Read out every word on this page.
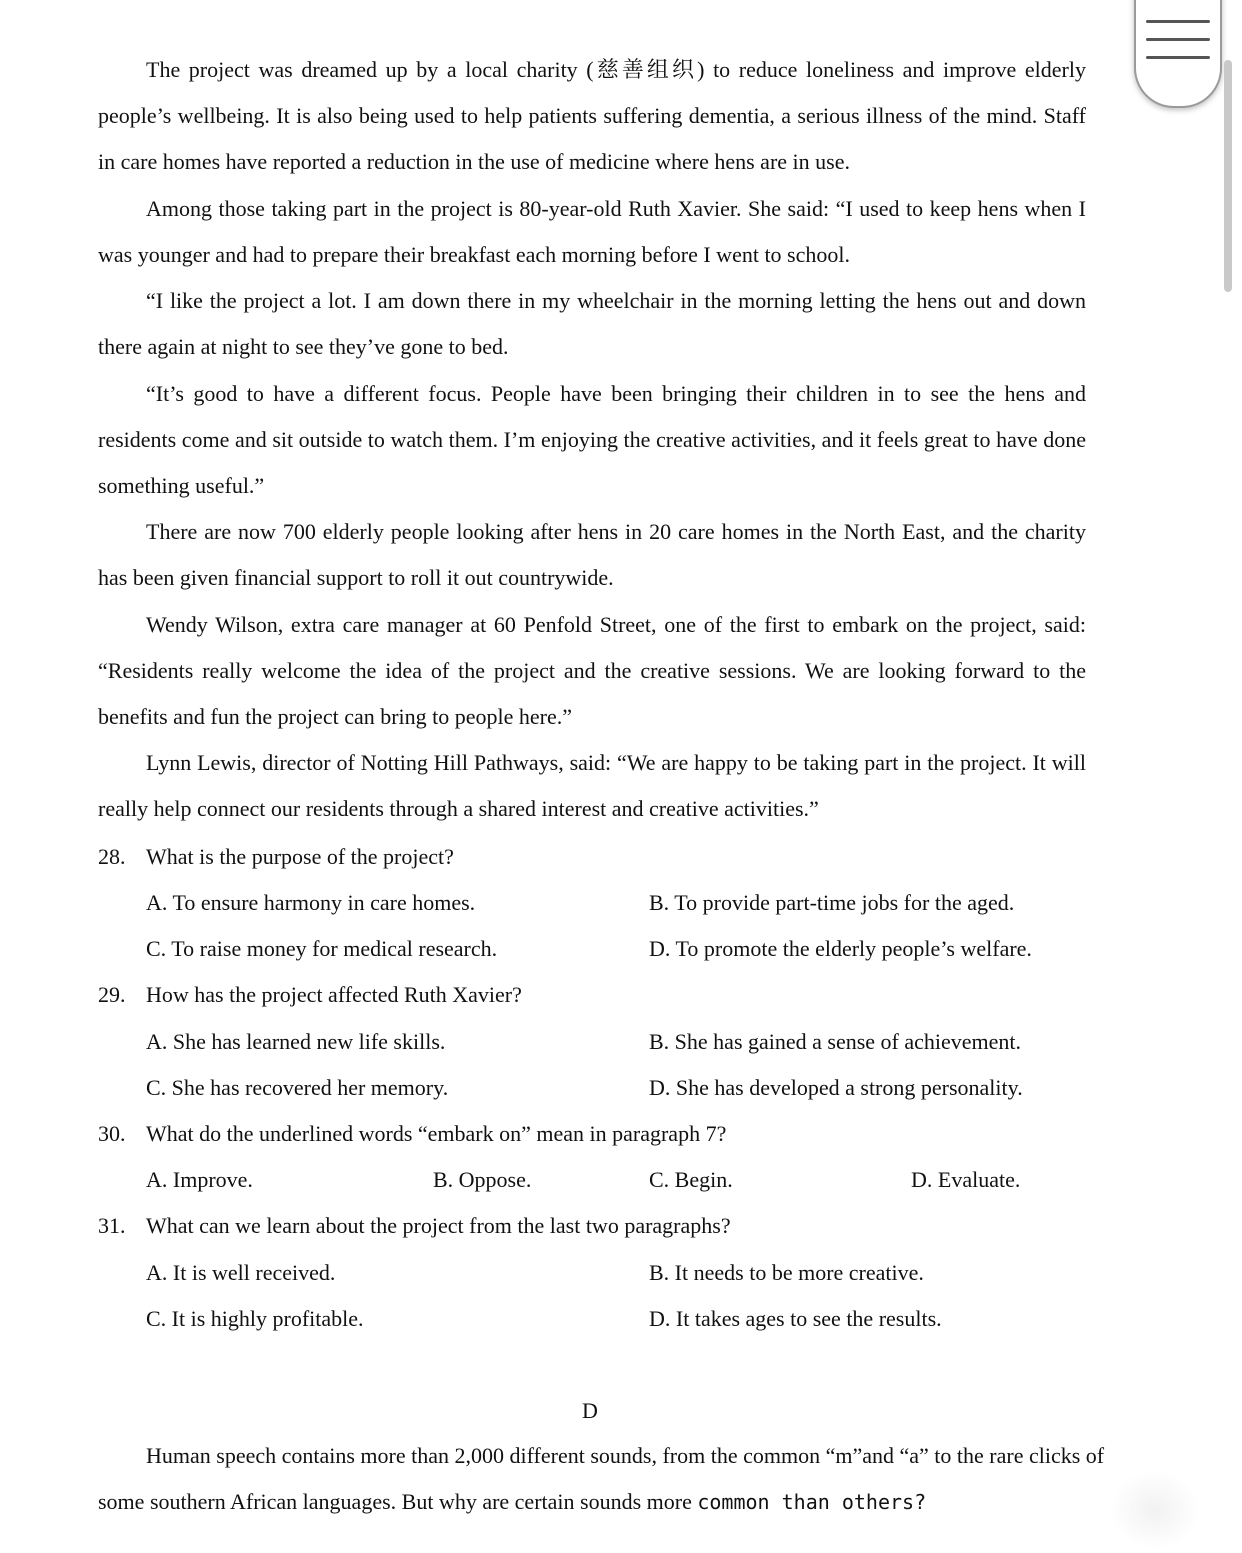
The project was dreamed up by a local charity (慈善组织) to reduce loneliness and improve elderly people’s wellbeing. It is also being used to help patients suffering dementia, a serious illness of the mind. Staff in care homes have reported a reduction in the use of medicine where hens are in use.

Among those taking part in the project is 80-year-old Ruth Xavier. She said: “I used to keep hens when I was younger and had to prepare their breakfast each morning before I went to school.

“I like the project a lot. I am down there in my wheelchair in the morning letting the hens out and down there again at night to see they’ve gone to bed.

“It’s good to have a different focus. People have been bringing their children in to see the hens and residents come and sit outside to watch them. I’m enjoying the creative activities, and it feels great to have done something useful.”

There are now 700 elderly people looking after hens in 20 care homes in the North East, and the charity has been given financial support to roll it out countrywide.

Wendy Wilson, extra care manager at 60 Penfold Street, one of the first to embark on the project, said: “Residents really welcome the idea of the project and the creative sessions. We are looking forward to the benefits and fun the project can bring to people here.”

Lynn Lewis, director of Notting Hill Pathways, said: “We are happy to be taking part in the project. It will really help connect our residents through a shared interest and creative activities.”

28. What is the purpose of the project?
A. To ensure harmony in care homes.	B. To provide part-time jobs for the aged.
C. To raise money for medical research.	D. To promote the elderly people’s welfare.
29. How has the project affected Ruth Xavier?
A. She has learned new life skills.	B. She has gained a sense of achievement.
C. She has recovered her memory.	D. She has developed a strong personality.
30. What do the underlined words “embark on” mean in paragraph 7?
A. Improve.	B. Oppose.	C. Begin.	D. Evaluate.
31. What can we learn about the project from the last two paragraphs?
A. It is well received.	B. It needs to be more creative.
C. It is highly profitable.	D. It takes ages to see the results.
D

Human speech contains more than 2,000 different sounds, from the common “m”and “a” to the rare clicks of some southern African languages. But why are certain sounds more common than others?
